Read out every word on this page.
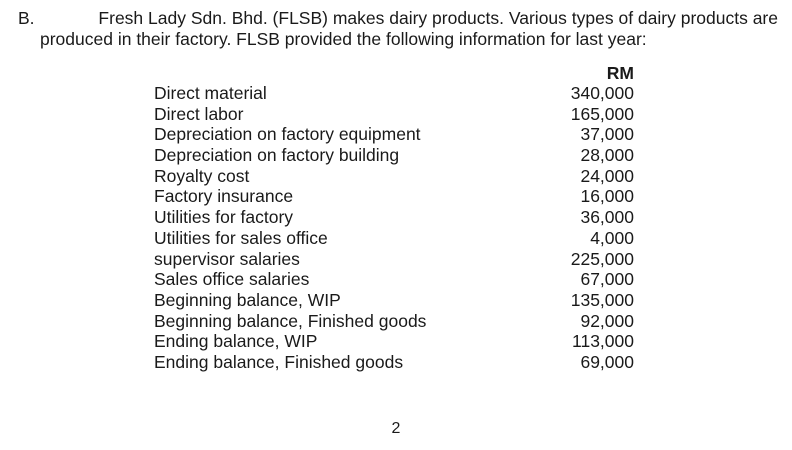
B.	Fresh Lady Sdn. Bhd. (FLSB) makes dairy products. Various types of dairy products are
produced in their factory. FLSB provided the following information for last year:
RM
Direct material	340,000
Direct labor	165,000
Depreciation on factory equipment	37,000
Depreciation on factory building	28,000
Royalty cost	24,000
Factory insurance	16,000
Utilities for factory	36,000
Utilities for sales office	4,000
supervisor salaries	225,000
Sales office salaries	67,000
Beginning balance, WIP	135,000
Beginning balance, Finished goods	92,000
Ending balance, WIP	113,000
Ending balance, Finished goods	69,000
2
